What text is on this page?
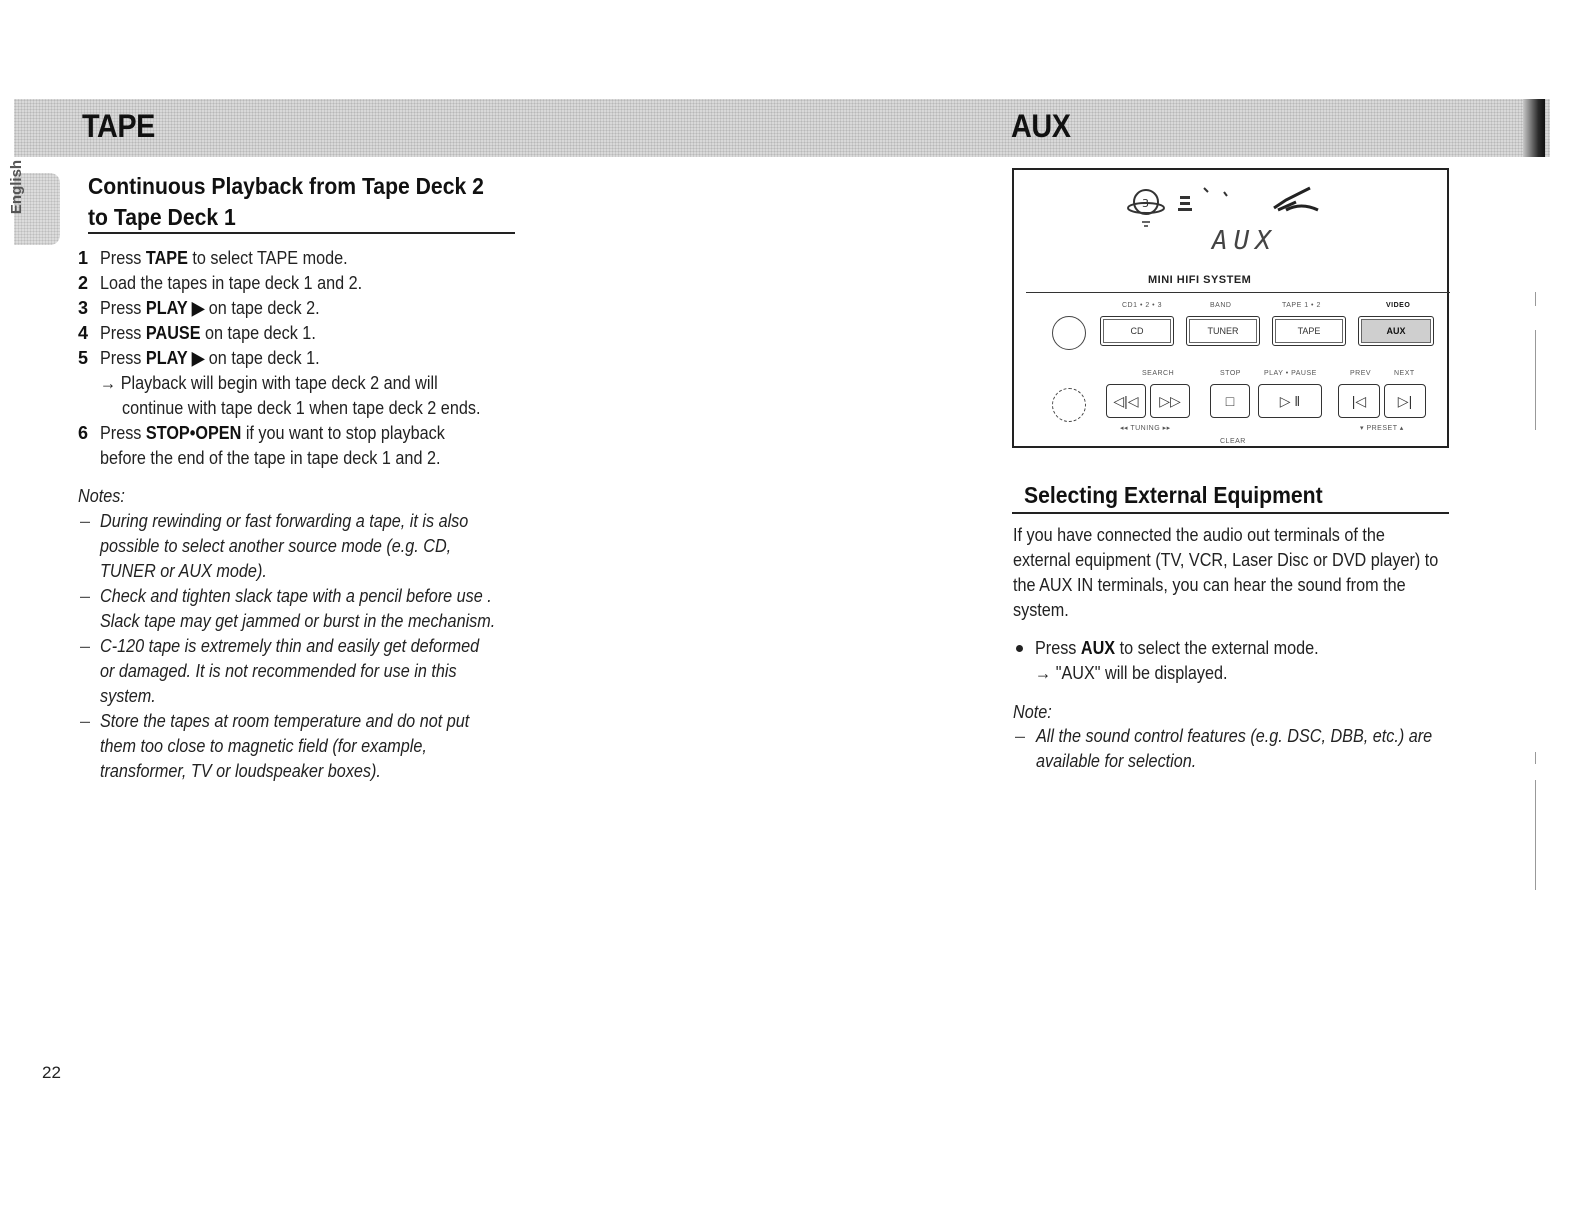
TAPE	AUX
English	Continuous Playback from Tape Deck 2
to Tape Deck 1
1 Press TAPE to select TAPE mode.
2 Load the tapes in tape deck 1 and 2.
3 Press PLAY ▶ on tape deck 2.
4 Press PAUSE on tape deck 1.
5 Press PLAY ▶ on tape deck 1.
→ Playback will begin with tape deck 2 and will
continue with tape deck 1 when tape deck 2 ends.
6 Press STOP•OPEN if you want to stop playback
before the end of the tape in tape deck 1 and 2.
Notes:
– During rewinding or fast forwarding a tape, it is also
possible to select another source mode (e.g. CD,
TUNER or AUX mode).
– Check and tighten slack tape with a pencil before use .
Slack tape may get jammed or burst in the mechanism.
– C-120 tape is extremely thin and easily get deformed
or damaged. It is not recommended for use in this
system.
– Store the tapes at room temperature and do not put
them too close to magnetic field (for example,
transformer, TV or loudspeaker boxes).
3
AUX
MINI HIFI SYSTEM
CD1 • 2 • 3	BAND	TAPE 1 • 2	VIDEO
CD	TUNER	TAPE	AUX
SEARCH	STOP	PLAY • PAUSE	PREV	NEXT
◁|◁	▷▷	□	▷ ‖	|◁	▷|
◂◂ TUNING ▸▸
CLEAR
▾ PRESET ▴
Selecting External Equipment
If you have connected the audio out terminals of the
external equipment (TV, VCR, Laser Disc or DVD player) to
the AUX IN terminals, you can hear the sound from the
system.
Press AUX to select the external mode.
→ "AUX" will be displayed.
Note:
– All the sound control features (e.g. DSC, DBB, etc.) are
available for selection.
22
